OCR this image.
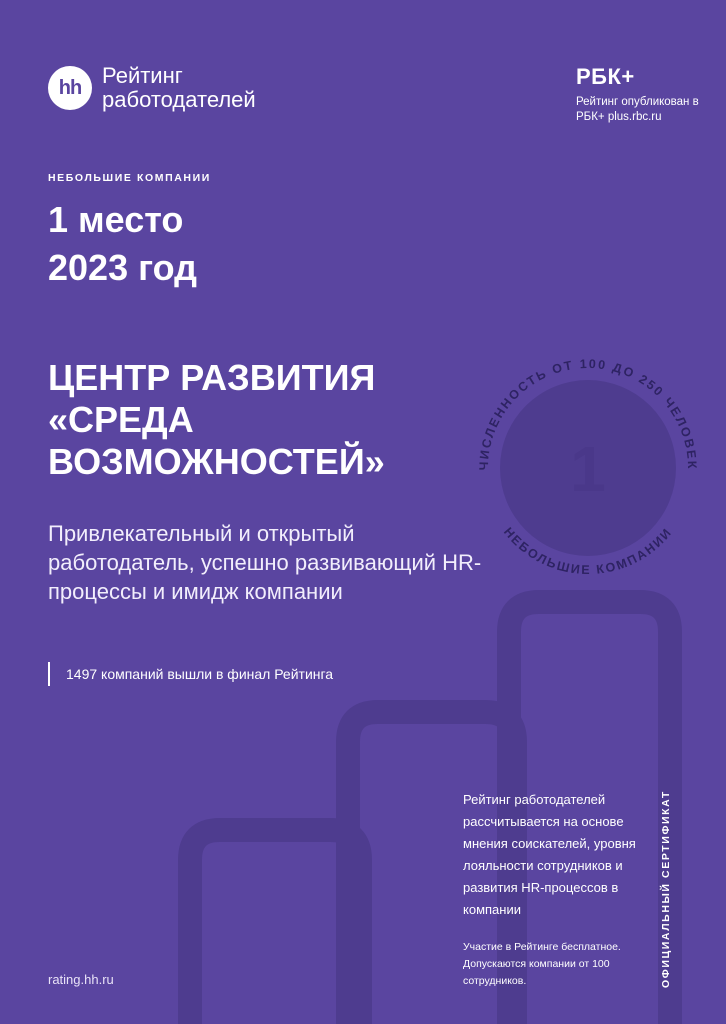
hh Рейтинг работодателей
РБК+
Рейтинг опубликован в РБК+ plus.rbc.ru
НЕБОЛЬШИЕ КОМПАНИИ
1 место
2023 год
ЦЕНТР РАЗВИТИЯ «СРЕДА ВОЗМОЖНОСТЕЙ»
Привлекательный и открытый работодатель, успешно развивающий HR-процессы и имидж компании
1497 компаний вышли в финал Рейтинга
ЧИСЛЕННОСТЬ ОТ 100 ДО 250 ЧЕЛОВЕК
НЕБОЛЬШИЕ КОМПАНИИ
1
rating.hh.ru
Рейтинг работодателей рассчитывается на основе мнения соискателей, уровня лояльности сотрудников и развития HR-процессов в компании
Участие в Рейтинге бесплатное. Допускаются компании от 100 сотрудников.	ОФИЦИАЛЬНЫЙ СЕРТИФИКАТ
